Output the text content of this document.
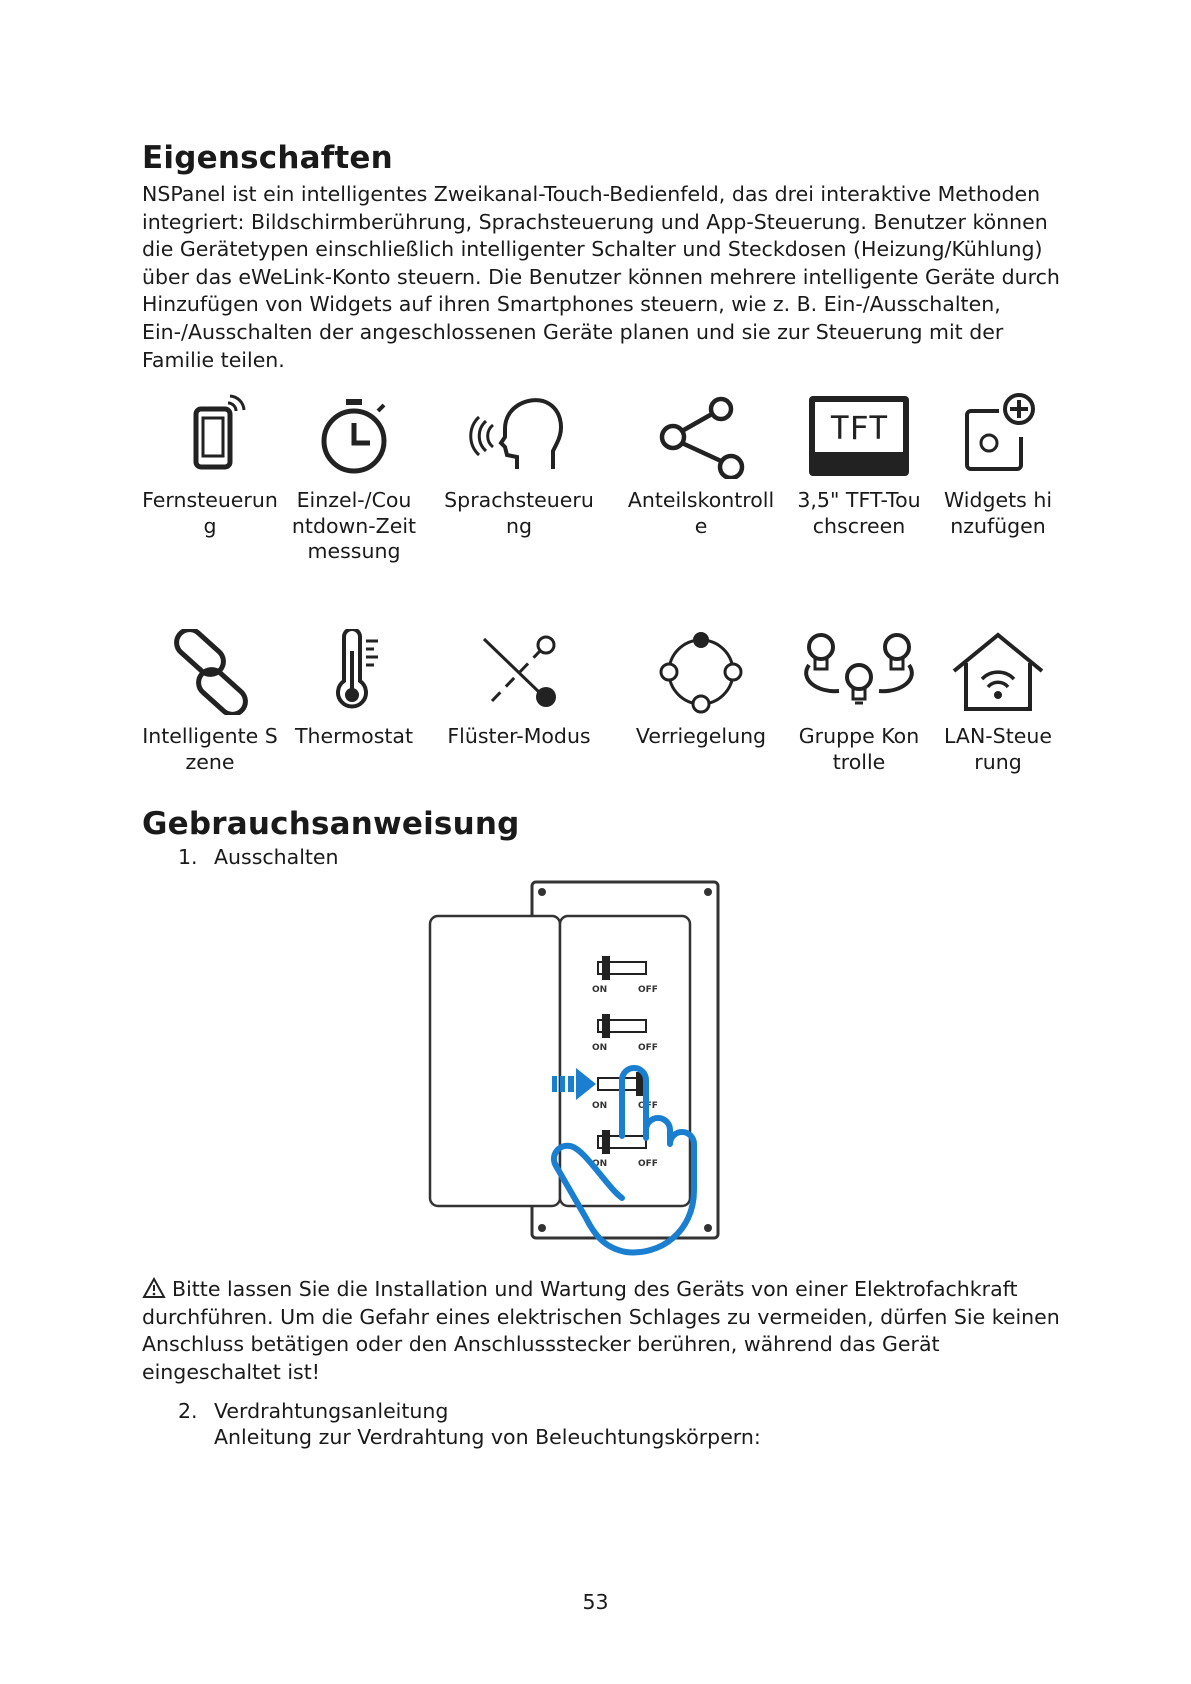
Eigenschaften

NSPanel ist ein intelligentes Zweikanal-Touch-Bedienfeld, das drei interaktive Methoden integriert: Bildschirmberührung, Sprachsteuerung und App-Steuerung. Benutzer können die Gerätetypen einschließlich intelligenter Schalter und Steckdosen (Heizung/Kühlung) über das eWeLink-Konto steuern. Die Benutzer können mehrere intelligente Geräte durch Hinzufügen von Widgets auf ihren Smartphones steuern, wie z. B. Ein-/Ausschalten, Ein-/Ausschalten der angeschlossenen Geräte planen und sie zur Steuerung mit der Familie teilen.

Fernsteuerung
Einzel-/Countdown-Zeitmessung
Sprachsteuerung
Anteilskontrolle
TFT
3,5" TFT-Touchscreen
Widgets hinzufügen
Intelligente Szene
Thermostat	Flüster-Modus	Verriegelung	Gruppe Kontrolle
LAN-Steuerung
Gebrauchsanweisung
1. Ausschalten
ON	OFF
ON	OFF
ON	OFF
ON	OFF

Bitte lassen Sie die Installation und Wartung des Geräts von einer Elektrofachkraft durchführen. Um die Gefahr eines elektrischen Schlages zu vermeiden, dürfen Sie keinen Anschluss betätigen oder den Anschlussstecker berühren, während das Gerät eingeschaltet ist!

2. Verdrahtungsanleitung
Anleitung zur Verdrahtung von Beleuchtungskörpern:
53
